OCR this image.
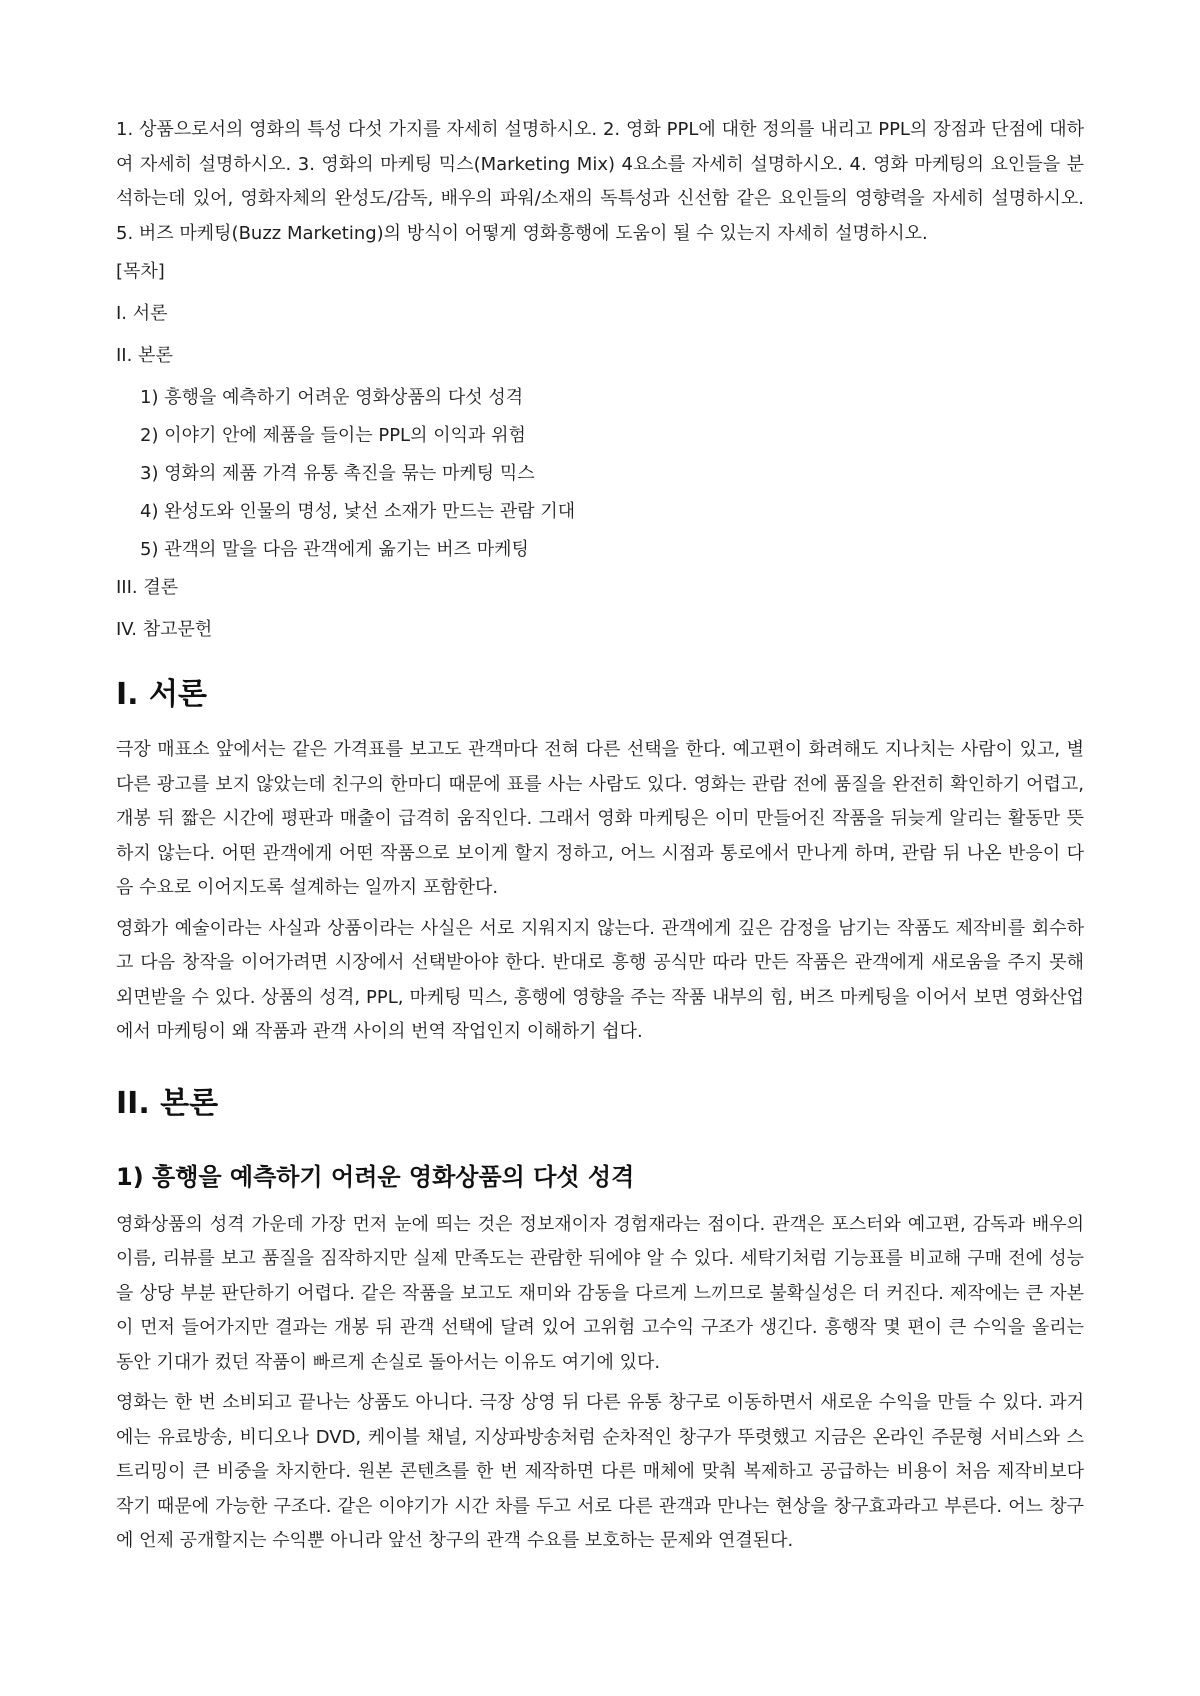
1. 상품으로서의 영화의 특성 다섯 가지를 자세히 설명하시오. 2. 영화 PPL에 대한 정의를 내리고 PPL의 장점과 단점에 대하여 자세히 설명하시오. 3. 영화의 마케팅 믹스(Marketing Mix) 4요소를 자세히 설명하시오. 4. 영화 마케팅의 요인들을 분석하는데 있어, 영화자체의 완성도/감독, 배우의 파워/소재의 독특성과 신선함 같은 요인들의 영향력을 자세히 설명하시오. 5. 버즈 마케팅(Buzz Marketing)의 방식이 어떻게 영화흥행에 도움이 될 수 있는지 자세히 설명하시오.

[목차]
I. 서론
II. 본론
1) 흥행을 예측하기 어려운 영화상품의 다섯 성격
2) 이야기 안에 제품을 들이는 PPL의 이익과 위험
3) 영화의 제품 가격 유통 촉진을 묶는 마케팅 믹스
4) 완성도와 인물의 명성, 낯선 소재가 만드는 관람 기대
5) 관객의 말을 다음 관객에게 옮기는 버즈 마케팅
III. 결론
IV. 참고문헌
I. 서론

극장 매표소 앞에서는 같은 가격표를 보고도 관객마다 전혀 다른 선택을 한다. 예고편이 화려해도 지나치는 사람이 있고, 별다른 광고를 보지 않았는데 친구의 한마디 때문에 표를 사는 사람도 있다. 영화는 관람 전에 품질을 완전히 확인하기 어렵고, 개봉 뒤 짧은 시간에 평판과 매출이 급격히 움직인다. 그래서 영화 마케팅은 이미 만들어진 작품을 뒤늦게 알리는 활동만 뜻하지 않는다. 어떤 관객에게 어떤 작품으로 보이게 할지 정하고, 어느 시점과 통로에서 만나게 하며, 관람 뒤 나온 반응이 다음 수요로 이어지도록 설계하는 일까지 포함한다.

영화가 예술이라는 사실과 상품이라는 사실은 서로 지워지지 않는다. 관객에게 깊은 감정을 남기는 작품도 제작비를 회수하고 다음 창작을 이어가려면 시장에서 선택받아야 한다. 반대로 흥행 공식만 따라 만든 작품은 관객에게 새로움을 주지 못해 외면받을 수 있다. 상품의 성격, PPL, 마케팅 믹스, 흥행에 영향을 주는 작품 내부의 힘, 버즈 마케팅을 이어서 보면 영화산업에서 마케팅이 왜 작품과 관객 사이의 번역 작업인지 이해하기 쉽다.

II. 본론
1) 흥행을 예측하기 어려운 영화상품의 다섯 성격

영화상품의 성격 가운데 가장 먼저 눈에 띄는 것은 정보재이자 경험재라는 점이다. 관객은 포스터와 예고편, 감독과 배우의 이름, 리뷰를 보고 품질을 짐작하지만 실제 만족도는 관람한 뒤에야 알 수 있다. 세탁기처럼 기능표를 비교해 구매 전에 성능을 상당 부분 판단하기 어렵다. 같은 작품을 보고도 재미와 감동을 다르게 느끼므로 불확실성은 더 커진다. 제작에는 큰 자본이 먼저 들어가지만 결과는 개봉 뒤 관객 선택에 달려 있어 고위험 고수익 구조가 생긴다. 흥행작 몇 편이 큰 수익을 올리는 동안 기대가 컸던 작품이 빠르게 손실로 돌아서는 이유도 여기에 있다.

영화는 한 번 소비되고 끝나는 상품도 아니다. 극장 상영 뒤 다른 유통 창구로 이동하면서 새로운 수익을 만들 수 있다. 과거에는 유료방송, 비디오나 DVD, 케이블 채널, 지상파방송처럼 순차적인 창구가 뚜렷했고 지금은 온라인 주문형 서비스와 스트리밍이 큰 비중을 차지한다. 원본 콘텐츠를 한 번 제작하면 다른 매체에 맞춰 복제하고 공급하는 비용이 처음 제작비보다 작기 때문에 가능한 구조다. 같은 이야기가 시간 차를 두고 서로 다른 관객과 만나는 현상을 창구효과라고 부른다. 어느 창구에 언제 공개할지는 수익뿐 아니라 앞선 창구의 관객 수요를 보호하는 문제와 연결된다.
